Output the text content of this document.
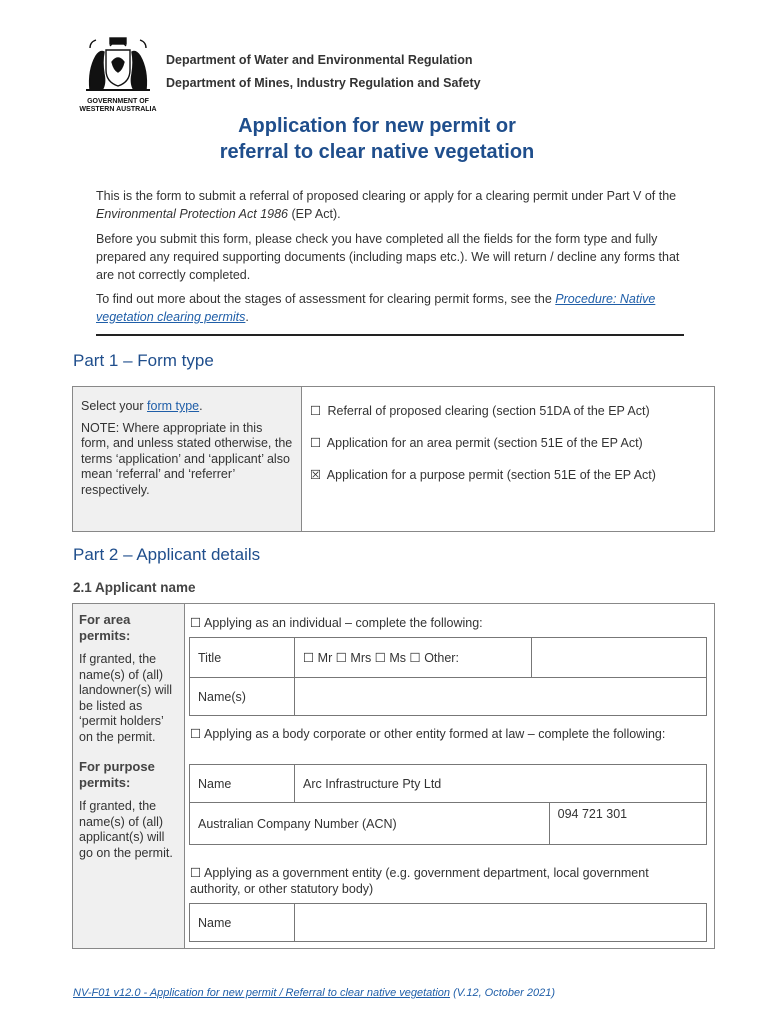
GOVERNMENT OF
WESTERN AUSTRALIA
Department of Water and Environmental Regulation
Department of Mines, Industry Regulation and Safety
Application for new permit or
referral to clear native vegetation
This is the form to submit a referral of proposed clearing or apply for a clearing permit under Part V of the Environmental Protection Act 1986 (EP Act).
Before you submit this form, please check you have completed all the fields for the form type and fully prepared any required supporting documents (including maps etc.). We will return / decline any forms that are not correctly completed.
To find out more about the stages of assessment for clearing permit forms, see the Procedure: Native vegetation clearing permits.
Part 1 – Form type

Select your form type.

NOTE: Where appropriate in this form, and unless stated otherwise, the terms ‘application’ and ‘applicant’ also mean ‘referral’ and ‘referrer’ respectively.

☐ Referral of proposed clearing (section 51DA of the EP Act)
☐ Application for an area permit (section 51E of the EP Act)
☒ Application for a purpose permit (section 51E of the EP Act)
Part 2 – Applicant details
2.1 Applicant name
For area permits:
If granted, the name(s) of (all) landowner(s) will be listed as ‘permit holders’ on the permit.
For purpose permits:
If granted, the name(s) of (all) applicant(s) will go on the permit.
☐ Applying as an individual – complete the following:
Title	☐ Mr ☐ Mrs ☐ Ms ☐ Other:	
Name(s)		
☐ Applying as a body corporate or other entity formed at law – complete the following:
Name	Arc Infrastructure Pty Ltd	
Australian Company Number (ACN)		094 721 301
☐ Applying as a government entity (e.g. government department, local government authority, or other statutory body)
Name	
NV-F01 v12.0 - Application for new permit / Referral to clear native vegetation (V.12, October 2021)
